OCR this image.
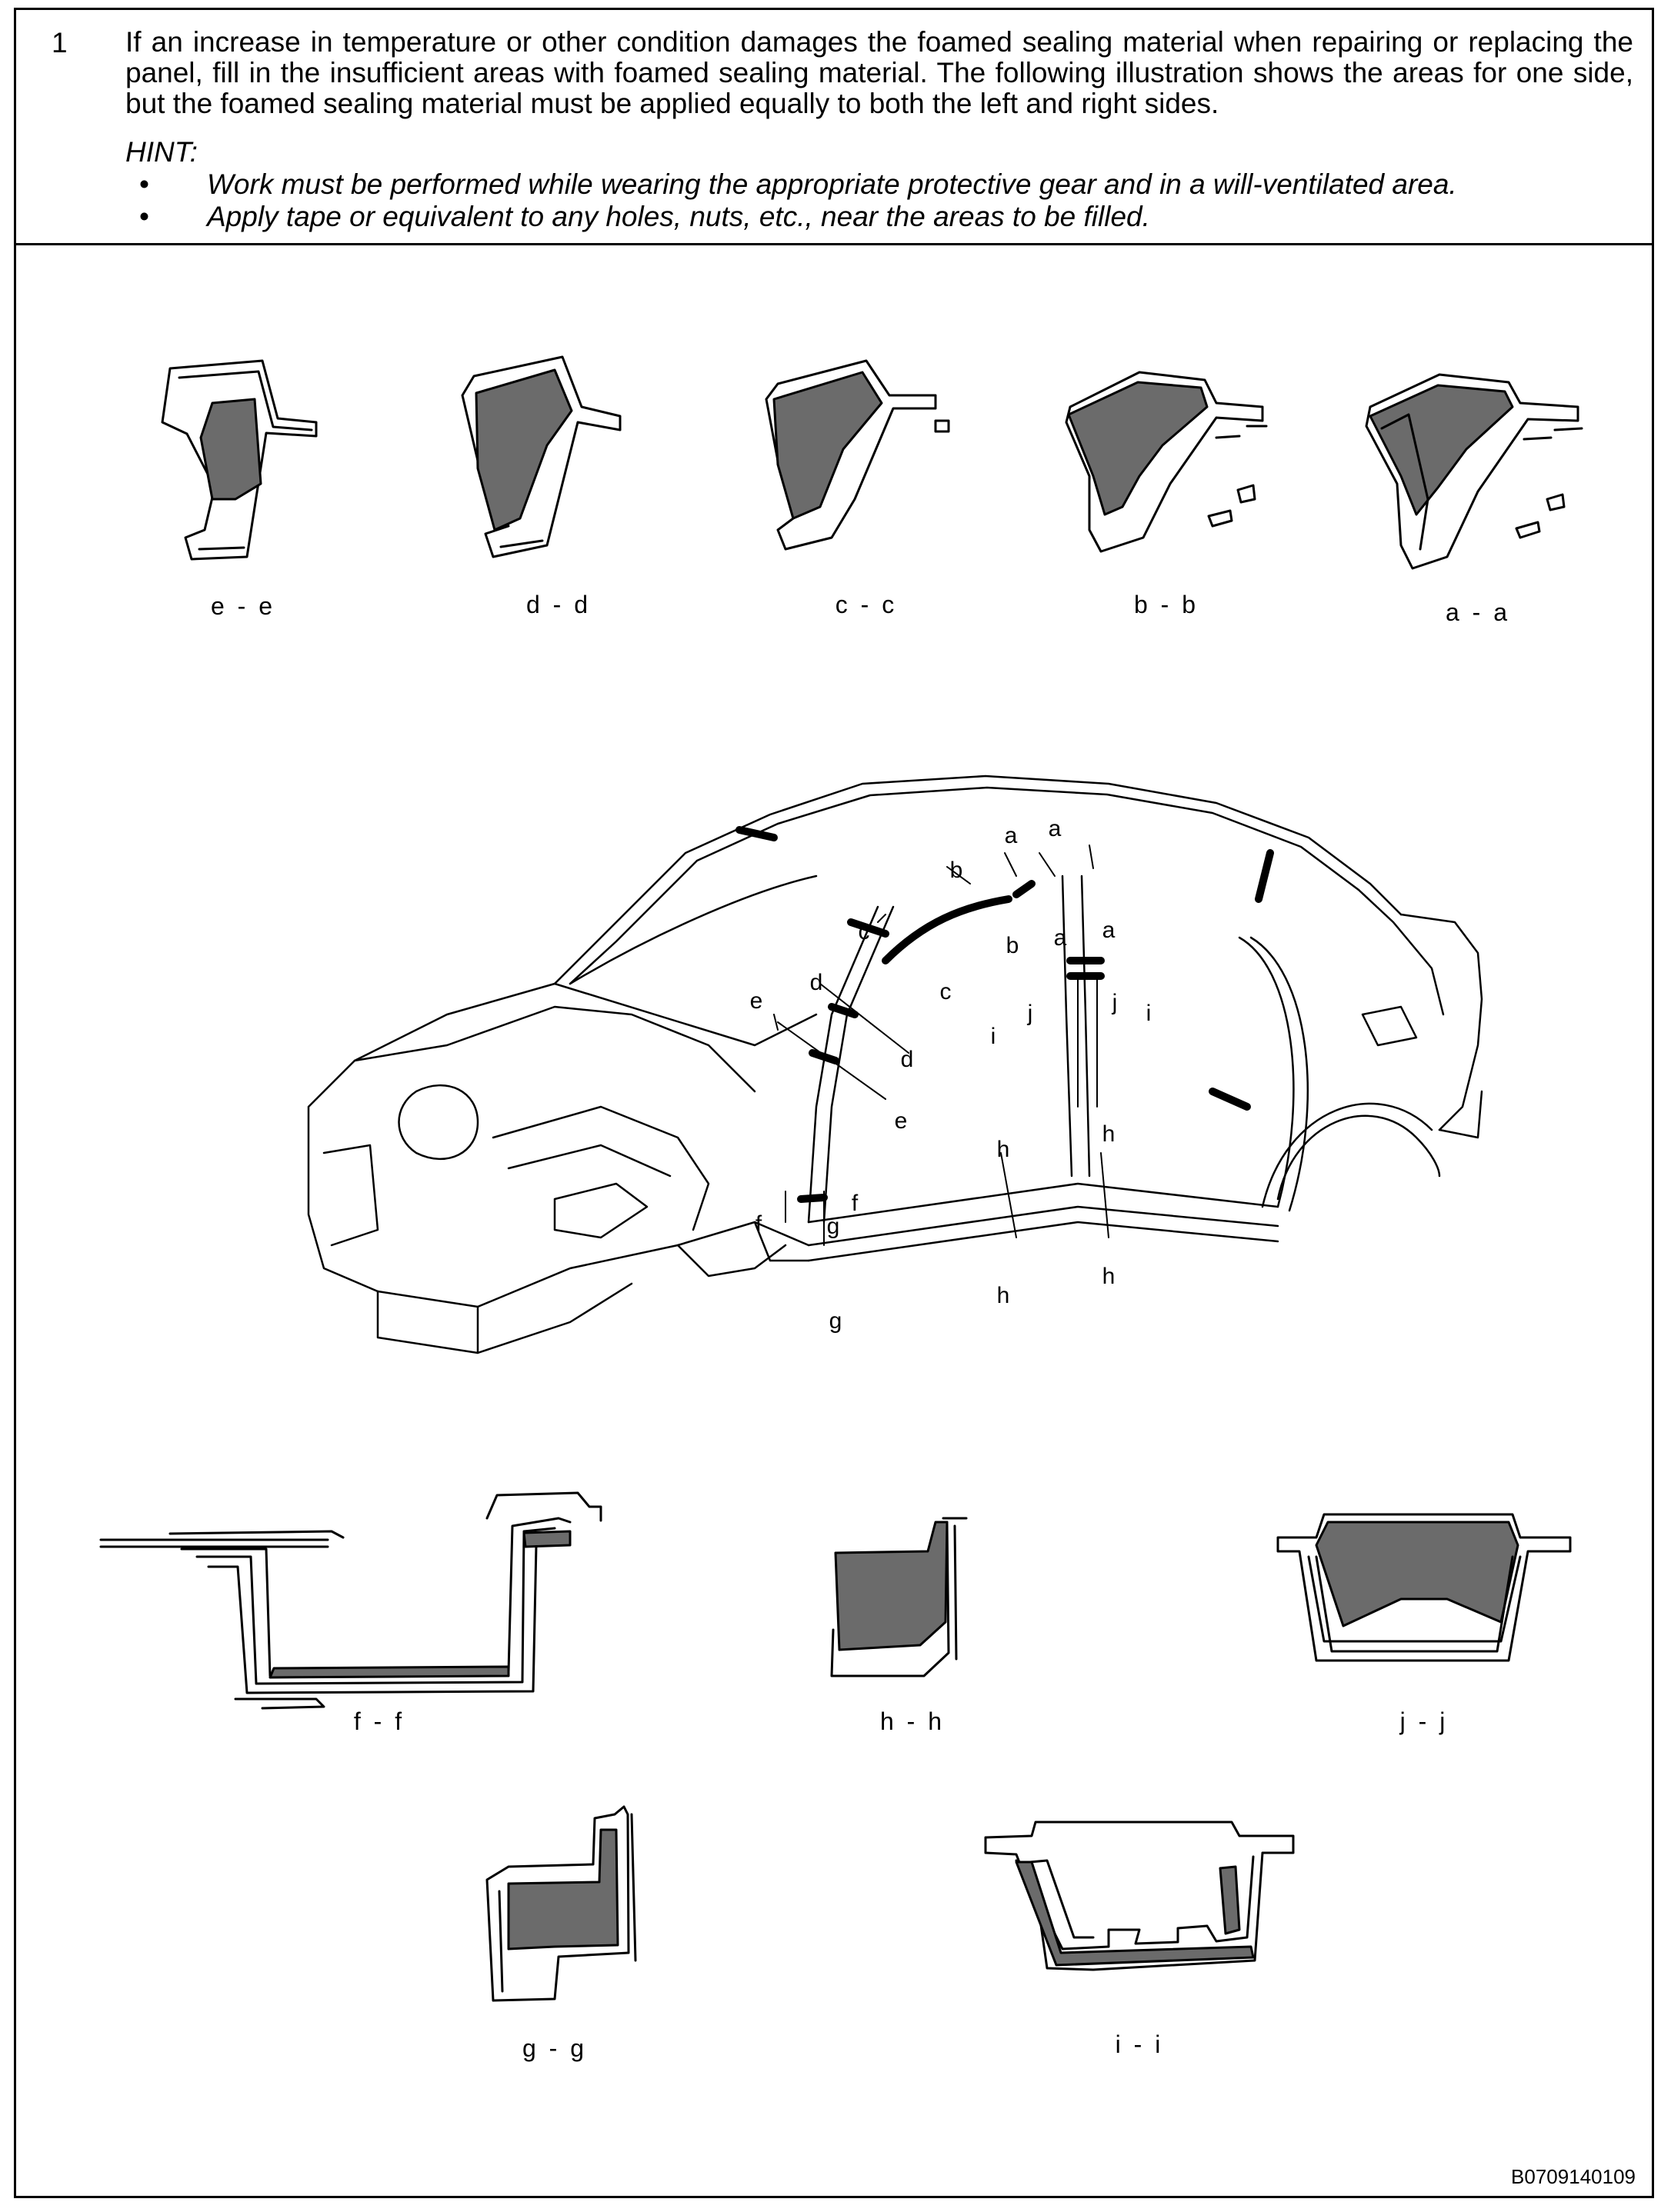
1 If an increase in temperature or other condition damages the foamed sealing material when repairing or replacing the panel, fill in the insufficient areas with foamed sealing material. The following illustration shows the areas for one side, but the foamed sealing material must be applied equally to both the left and right sides.
HINT:
• Work must be performed while wearing the appropriate protective gear and in a will-ventilated area.
• Apply tape or equivalent to any holes, nuts, etc., near the areas to be filled.
e - e	d - d	c - c	b - b	a - a
f - f	h - h	j - j
g - g	i - i
a a
a a
b
b
c
c
d
d
e
e
f
f
g
g
h
h
h
h
i
i
j	j
B0709140109
